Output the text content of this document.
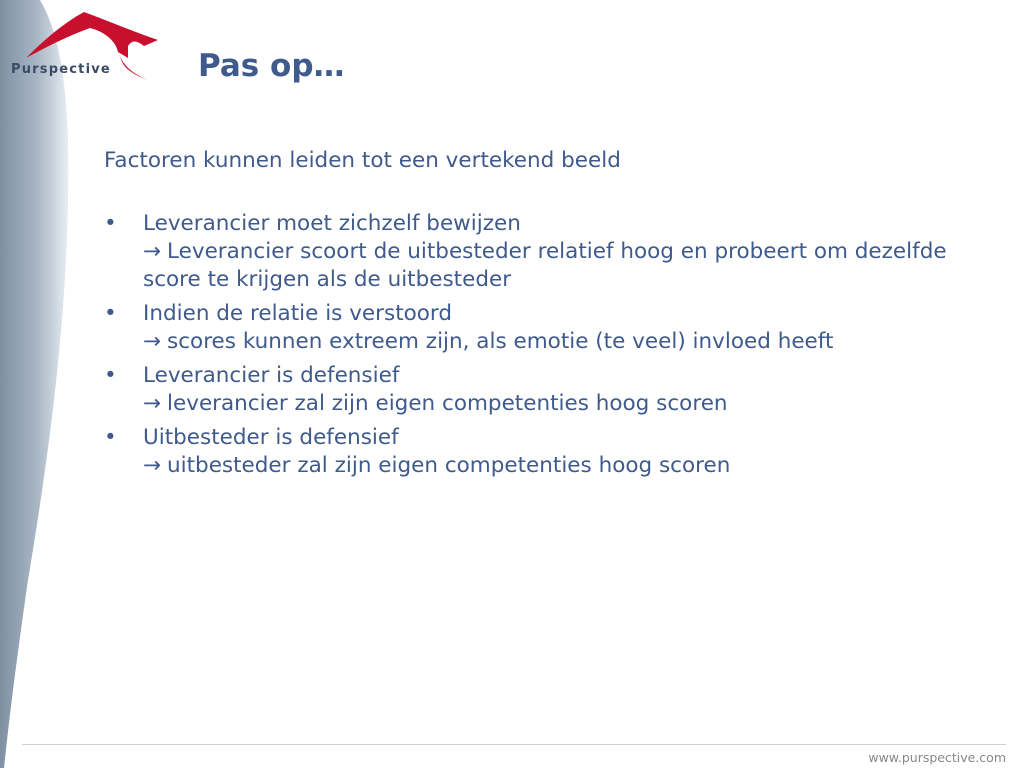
Purspective	Pas op…

Factoren kunnen leiden tot een vertekend beeld

• Leverancier moet zichzelf bewijzen
→ Leverancier scoort de uitbesteder relatief hoog en probeert om dezelfde score te krijgen als de uitbesteder
• Indien de relatie is verstoord
→ scores kunnen extreem zijn, als emotie (te veel) invloed heeft
• Leverancier is defensief
→ leverancier zal zijn eigen competenties hoog scoren
• Uitbesteder is defensief
→ uitbesteder zal zijn eigen competenties hoog scoren
www.purspective.com
